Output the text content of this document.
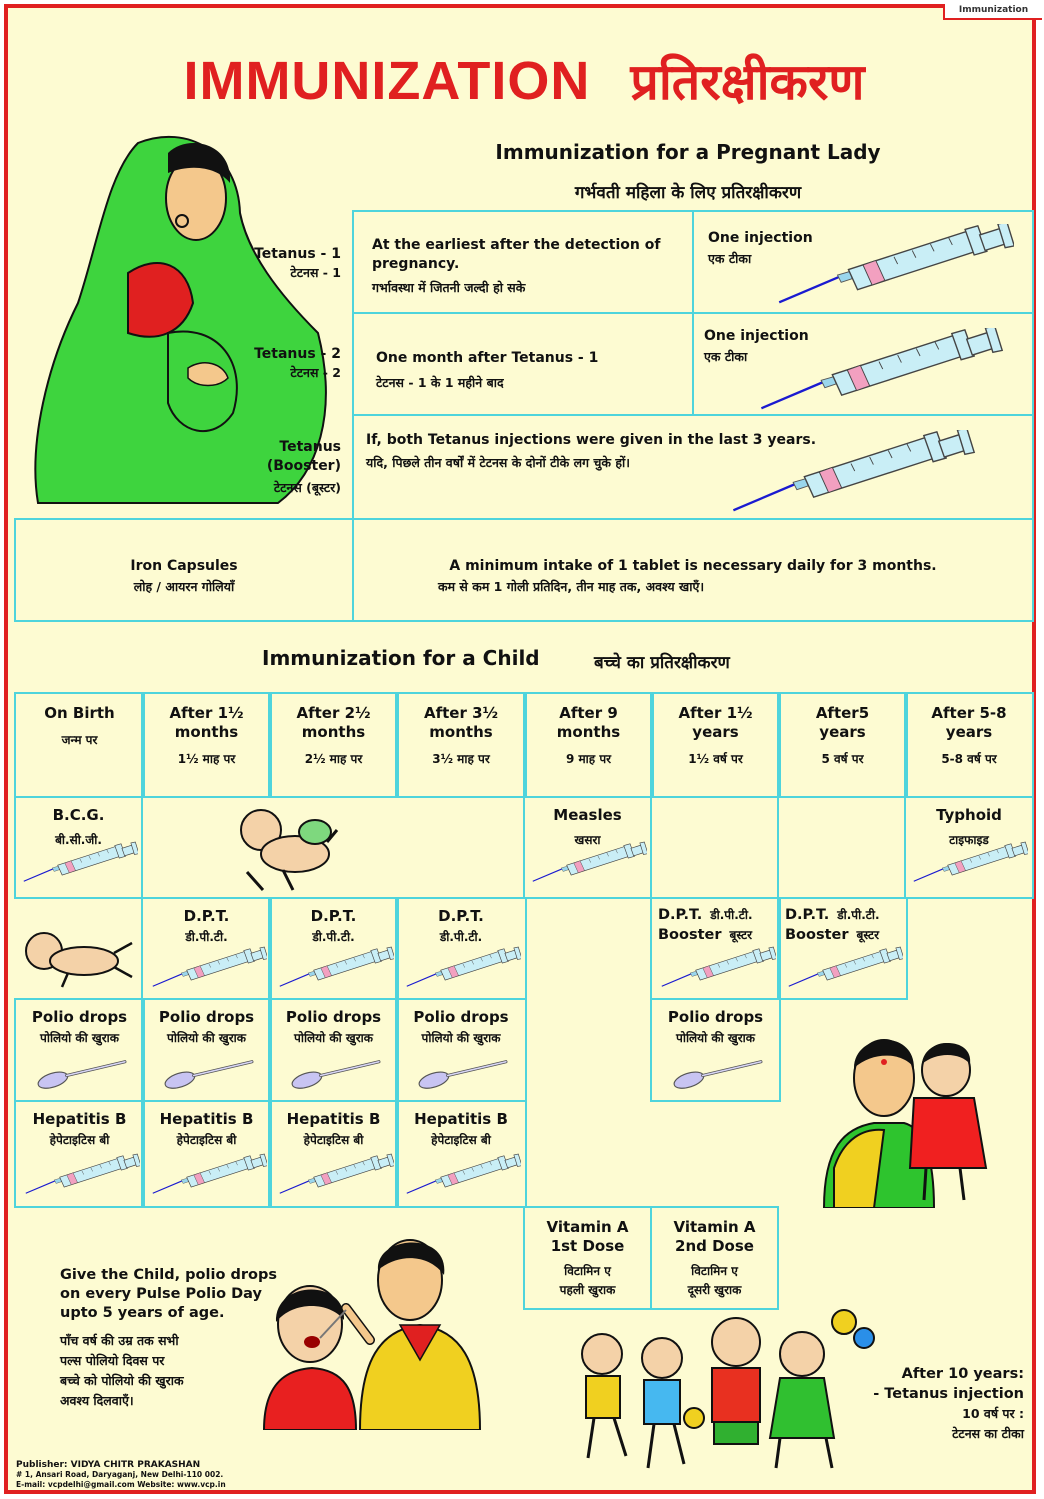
Immunization
IMMUNIZATION प्रतिरक्षीकरण
Immunization for a Pregnant Lady
गर्भवती महिला के लिए प्रतिरक्षीकरण
At the earliest after the detection of pregnancy.
गर्भावस्था में जितनी जल्दी हो सके
One injection
एक टीका
Tetanus - 1
टेटनस - 1
One month after Tetanus - 1
टेटनस - 1 के 1 महीने बाद
One injection
एक टीका
Tetanus - 2
टेटनस - 2
If, both Tetanus injections were given in the last 3 years.
यदि, पिछले तीन वर्षों में टेटनस के दोनों टीके लग चुके हों।
Tetanus
(Booster)
टेटनस (बूस्टर)
Iron Capsules
लोह / आयरन गोलियाँ
A minimum intake of 1 tablet is necessary daily for 3 months.
कम से कम 1 गोली प्रतिदिन, तीन माह तक, अवश्य खाएँ।
Immunization for a Child	बच्चे का प्रतिरक्षीकरण
B.C.G.
बी.सी.जी.
Measles
खसरा
Typhoid
टाइफाइड
Vitamin A
1st Dose
विटामिन ए
पहली खुराक
Vitamin A
2nd Dose
विटामिन ए
दूसरी खुराक
Give the Child, polio drops
on every Pulse Polio Day
upto 5 years of age.
पाँच वर्ष की उम्र तक सभी
पल्स पोलियो दिवस पर
बच्चे को पोलियो की खुराक
अवश्य दिलवाएँ।
After 10 years:
- Tetanus injection
10 वर्ष पर :
टेटनस का टीका
Publisher: VIDYA CHITR PRAKASHAN
# 1, Ansari Road, Daryaganj, New Delhi-110 002.
E-mail: vcpdelhi@gmail.com Website: www.vcp.in
On Birth
जन्म पर
After 1½
months
1½ माह पर
After 2½
months
2½ माह पर
After 3½
months
3½ माह पर
After 9
months
9 माह पर
After 1½
years
1½ वर्ष पर
After5
years
5 वर्ष पर
After 5-8
years
5-8 वर्ष पर
D.P.T.
डी.पी.टी.
D.P.T.
डी.पी.टी.
D.P.T.
डी.पी.टी.
D.P.T. डी.पी.टी.
Booster बूस्टर
D.P.T. डी.पी.टी.
Booster बूस्टर
Polio drops
पोलियो की खुराक
Polio drops
पोलियो की खुराक
Polio drops
पोलियो की खुराक
Polio drops
पोलियो की खुराक
Polio drops
पोलियो की खुराक
Hepatitis B
हेपेटाइटिस बी
Hepatitis B
हेपेटाइटिस बी
Hepatitis B
हेपेटाइटिस बी
Hepatitis B
हेपेटाइटिस बी
